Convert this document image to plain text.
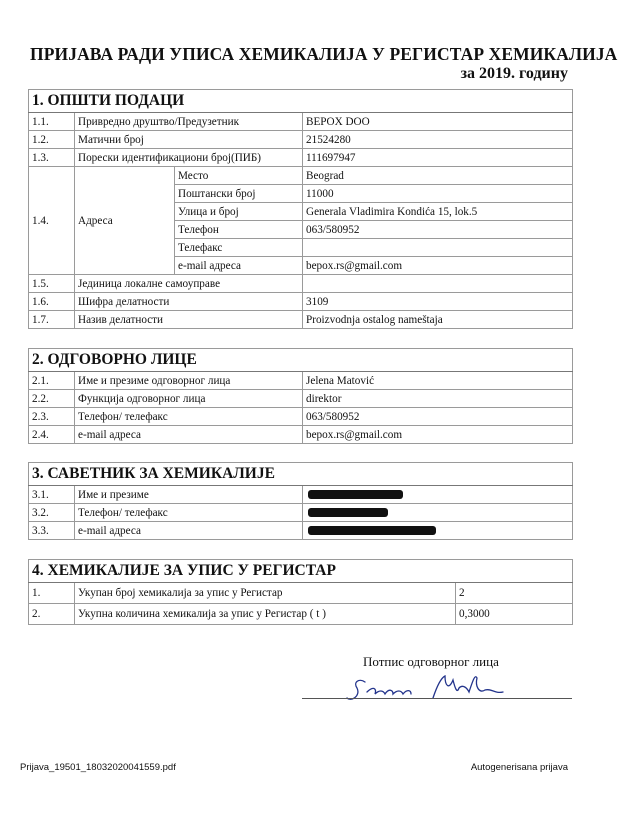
ПРИЈАВА РАДИ УПИСА ХЕМИКАЛИЈА У РЕГИСТАР ХЕМИКАЛИЈА
за 2019. годину
1. ОПШТИ ПОДАЦИ			
1.1.	Привредно друштво/Предузетник		BEPOX DOO
1.2.	Матични број		21524280
1.3.	Порески идентификациони број(ПИБ)		111697947
1.4.	Адреса	Место	Beograd
		Поштански број	11000
		Улица и број	Generala Vladimira Kondića 15, lok.5
		Телефон	063/580952
		Телефакс	
		e-mail адреса	bepox.rs@gmail.com
1.5.	Јединица локалне самоуправе		
1.6.	Шифра делатности		3109
1.7.	Назив делатности		Proizvodnja ostalog nameštaja
2. ОДГОВОРНО ЛИЦЕ		
2.1.	Име и презиме одговорног лица	Jelena Matović
2.2.	Функција одговорног лица	direktor
2.3.	Телефон/ телефакс	063/580952
2.4.	e-mail адреса	bepox.rs@gmail.com
3. САВЕТНИК ЗА ХЕМИКАЛИЈЕ		
3.1.	Име и презиме	
3.2.	Телефон/ телефакс	
3.3.	e-mail адреса	
4. ХЕМИКАЛИЈЕ ЗА УПИС У РЕГИСТАР		
1.	Укупан број хемикалија за упис у Регистар	2
2.	Укупна количина хемикалија за упис у Регистар ( t )	0,3000
Потпис одговорног лица
Prijava_19501_18032020041559.pdf	Autogenerisana prijava
